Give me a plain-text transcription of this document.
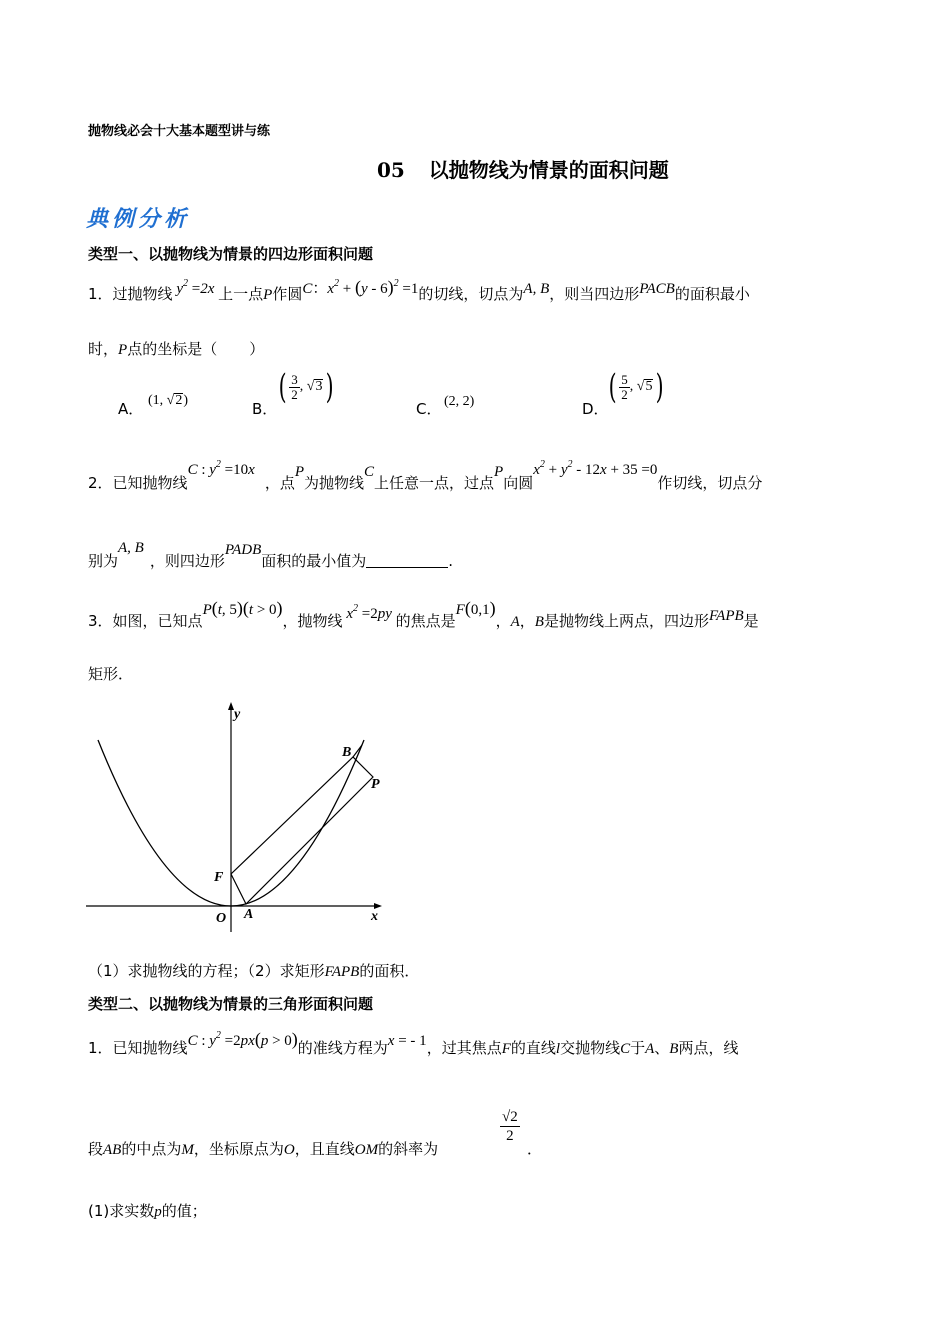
抛物线必会十大基本题型讲与练
05 以抛物线为情景的面积问题
典例分析
类型一、以抛物线为情景的四边形面积问题
1．过抛物线 $y^2 =2x$ 上一点P作圆C：$x^2 + (y - 6)^2 =1$的切线，切点为A, B，则当四边形PACB的面积最小
时，P点的坐标是（ ）
A． (1, √2)	B．
( $\frac{3}{2}$ , √3 )
C． (2, 2)	D．
( $\frac{5}{2}$ , √5 )
2．已知抛物线C : $y^2 =10x$，点P为抛物线C上任意一点，过点P向圆$x^2 + y^2 - 12x + 35 =0$作切线，切点分
别为A, B，则四边形PADB面积的最小值为	.
3．如图，已知点P(t, 5)(t > 0)，抛物线 $x^2 =2py$ 的焦点是F(0,1)，A，B是抛物线上两点，四边形FAPB是
矩形．
y
x
O A
F
B
P
（1）求抛物线的方程；（2）求矩形FAPB的面积．
类型二、以抛物线为情景的三角形面积问题
1．已知抛物线C : $y^2 =2px(p > 0)$的准线方程为x = - 1，过其焦点F的直线l交抛物线C于A、B两点，线
段AB的中点为M，坐标原点为O，且直线OM的斜率为
$\frac{√2}{2}$
．
(1)求实数p的值；
